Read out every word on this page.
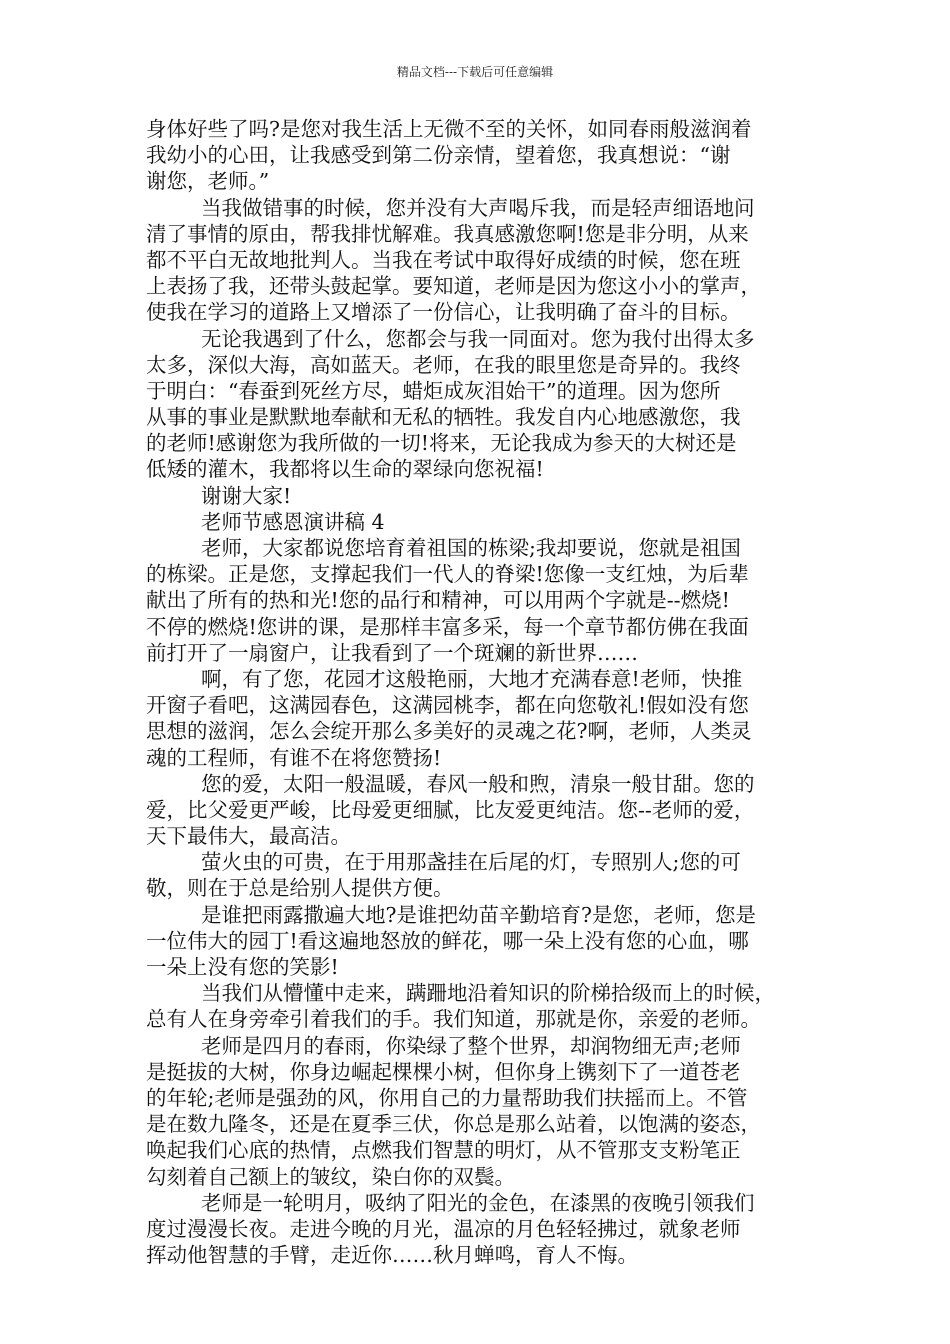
精品文档---下载后可任意编辑
身体好些了吗?是您对我生活上无微不至的关怀，如同春雨般滋润着
我幼小的心田，让我感受到第二份亲情，望着您，我真想说：“谢
谢您，老师。”
当我做错事的时候，您并没有大声喝斥我，而是轻声细语地问
清了事情的原由，帮我排忧解难。我真感激您啊!您是非分明，从来
都不平白无故地批判人。当我在考试中取得好成绩的时候，您在班
上表扬了我，还带头鼓起掌。要知道，老师是因为您这小小的掌声，
使我在学习的道路上又增添了一份信心，让我明确了奋斗的目标。
无论我遇到了什么，您都会与我一同面对。您为我付出得太多
太多，深似大海，高如蓝天。老师，在我的眼里您是奇异的。我终
于明白：“春蚕到死丝方尽，蜡炬成灰泪始干”的道理。因为您所
从事的事业是默默地奉献和无私的牺牲。我发自内心地感激您，我
的老师!感谢您为我所做的一切!将来，无论我成为参天的大树还是
低矮的灌木，我都将以生命的翠绿向您祝福!
谢谢大家!
老师节感恩演讲稿 4
老师，大家都说您培育着祖国的栋梁;我却要说，您就是祖国
的栋梁。正是您，支撑起我们一代人的脊梁!您像一支红烛，为后辈
献出了所有的热和光!您的品行和精神，可以用两个字就是--燃烧!
不停的燃烧!您讲的课，是那样丰富多采，每一个章节都仿佛在我面
前打开了一扇窗户，让我看到了一个斑斓的新世界……
啊，有了您，花园才这般艳丽，大地才充满春意!老师，快推
开窗子看吧，这满园春色，这满园桃李，都在向您敬礼!假如没有您
思想的滋润，怎么会绽开那么多美好的灵魂之花?啊，老师，人类灵
魂的工程师，有谁不在将您赞扬!
您的爱，太阳一般温暖，春风一般和煦，清泉一般甘甜。您的
爱，比父爱更严峻，比母爱更细腻，比友爱更纯洁。您--老师的爱，
天下最伟大，最高洁。
萤火虫的可贵，在于用那盏挂在后尾的灯，专照别人;您的可
敬，则在于总是给别人提供方便。
是谁把雨露撒遍大地?是谁把幼苗辛勤培育?是您，老师，您是
一位伟大的园丁!看这遍地怒放的鲜花，哪一朵上没有您的心血，哪
一朵上没有您的笑影!
当我们从懵懂中走来，蹒跚地沿着知识的阶梯拾级而上的时候，
总有人在身旁牵引着我们的手。我们知道，那就是你，亲爱的老师。
老师是四月的春雨，你染绿了整个世界，却润物细无声;老师
是挺拔的大树，你身边崛起棵棵小树，但你身上镌刻下了一道苍老
的年轮;老师是强劲的风，你用自己的力量帮助我们扶摇而上。不管
是在数九隆冬，还是在夏季三伏，你总是那么站着，以饱满的姿态，
唤起我们心底的热情，点燃我们智慧的明灯，从不管那支支粉笔正
勾刻着自己额上的皱纹，染白你的双鬓。
老师是一轮明月，吸纳了阳光的金色，在漆黑的夜晚引领我们
度过漫漫长夜。走进今晚的月光，温凉的月色轻轻拂过，就象老师
挥动他智慧的手臂，走近你……秋月蝉鸣，育人不悔。
